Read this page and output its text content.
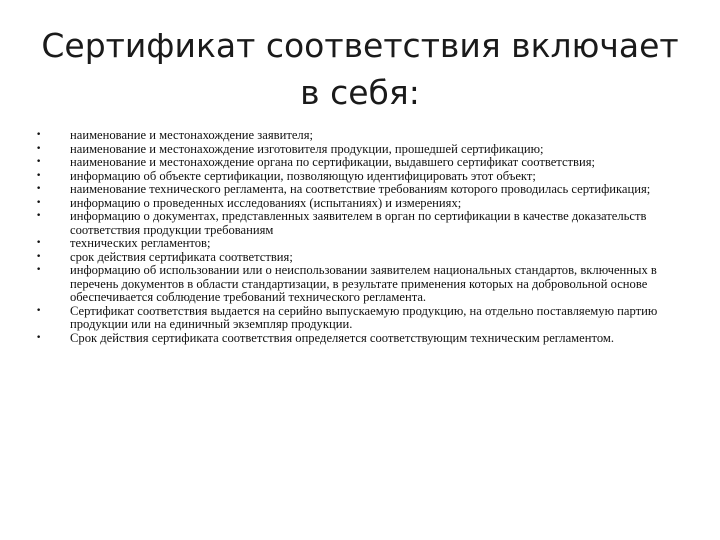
Сертификат соответствия включает в себя:
• наименование и местонахождение заявителя;
• наименование и местонахождение изготовителя продукции, прошедшей сертификацию;
• наименование и местонахождение органа по сертификации, выдавшего сертификат соответствия;
• информацию об объекте сертификации, позволяющую идентифицировать этот объект;
• наименование технического регламента, на соответствие требованиям которого проводилась сертификация;
• информацию о проведенных исследованиях (испытаниях) и измерениях;
• информацию о документах, представленных заявителем в орган по сертификации в качестве доказательств соответствия продукции требованиям
• технических регламентов;
• срок действия сертификата соответствия;
• информацию об использовании или о неиспользовании заявителем национальных стандартов, включенных в перечень документов в области стандартизации, в результате применения которых на добровольной основе обеспечивается соблюдение требований технического регламента.
• Сертификат соответствия выдается на серийно выпускаемую продукцию, на отдельно поставляемую партию продукции или на единичный экземпляр продукции.
• Срок действия сертификата соответствия определяется соответствующим техническим регламентом.
